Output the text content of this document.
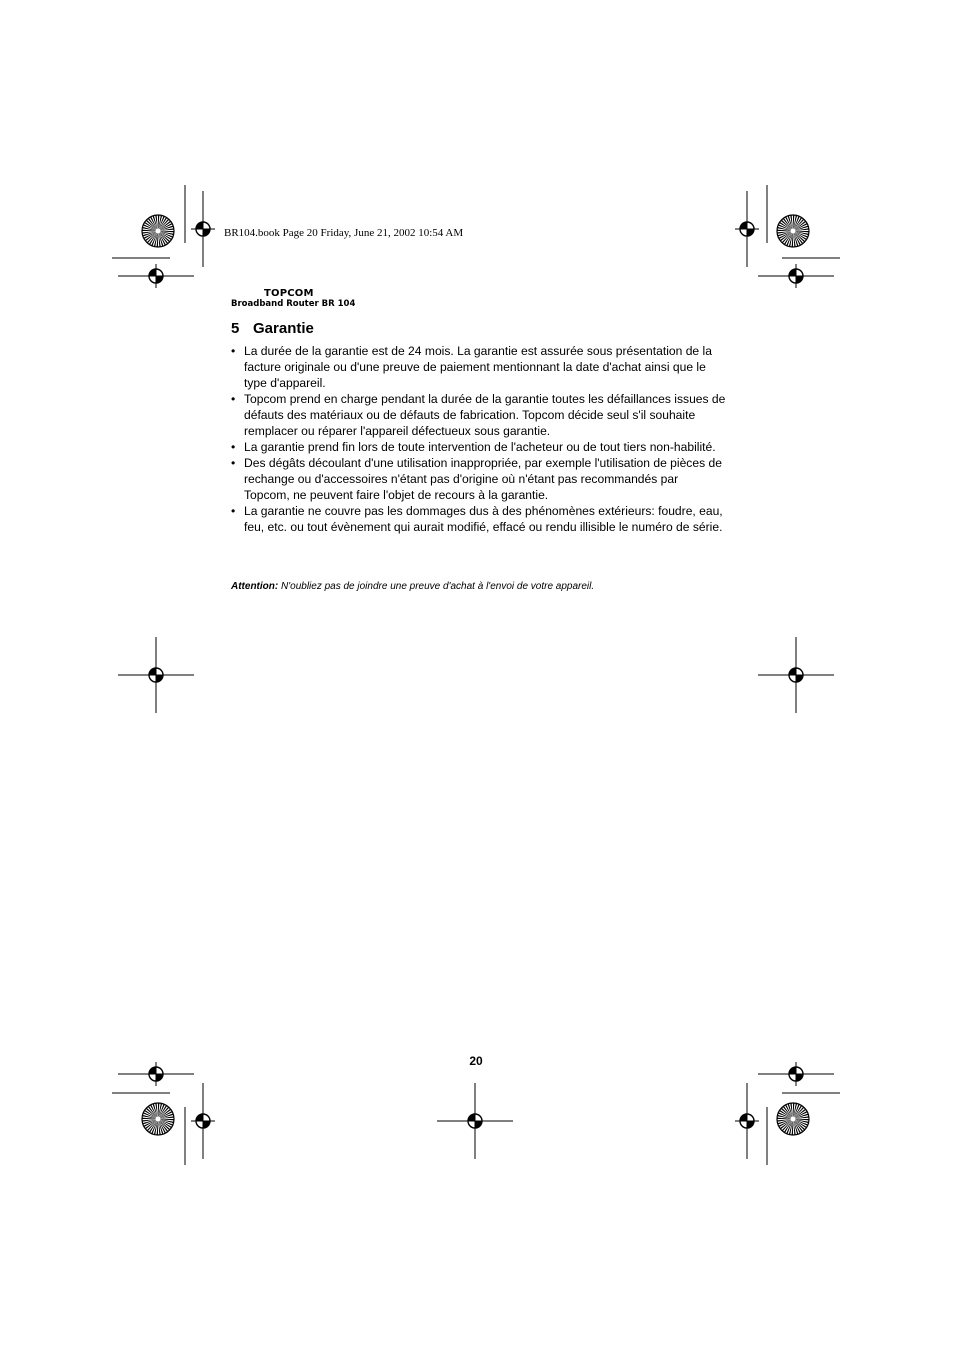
BR104.book Page 20 Friday, June 21, 2002 10:54 AM
TOPCOM
Broadband Router BR 104
5 Garantie
• La durée de la garantie est de 24 mois. La garantie est assurée sous présentation de la facture originale ou d'une preuve de paiement mentionnant la date d'achat ainsi que le type d'appareil.
• Topcom prend en charge pendant la durée de la garantie toutes les défaillances issues de défauts des matériaux ou de défauts de fabrication. Topcom décide seul s'il souhaite remplacer ou réparer l'appareil défectueux sous garantie.
• La garantie prend fin lors de toute intervention de l'acheteur ou de tout tiers non-habilité.
• Des dégâts découlant d'une utilisation inappropriée, par exemple l'utilisation de pièces de rechange ou d'accessoires n'étant pas d'origine où n'étant pas recommandés par Topcom, ne peuvent faire l'objet de recours à la garantie.
• La garantie ne couvre pas les dommages dus à des phénomènes extérieurs: foudre, eau, feu, etc. ou tout évènement qui aurait modifié, effacé ou rendu illisible le numéro de série.
Attention: N'oubliez pas de joindre une preuve d'achat à l'envoi de votre appareil.
20
